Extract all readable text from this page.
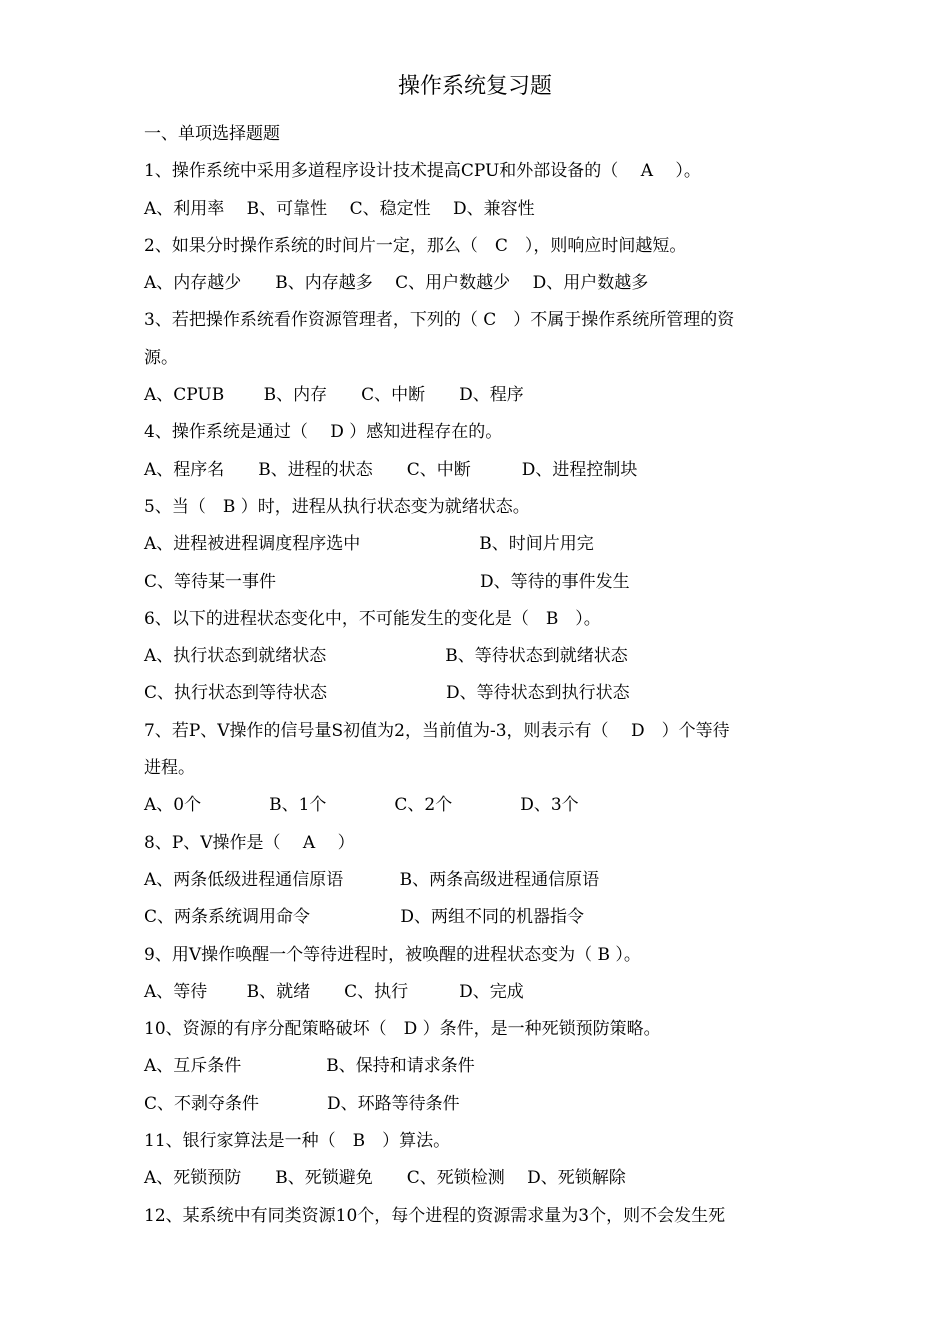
操作系统复习题
一、单项选择题题
1、操作系统中采用多道程序设计技术提高CPU和外部设备的（　 A　 ）。
A、利用率　 B、可靠性　 C、稳定性　 D、兼容性
2、如果分时操作系统的时间片一定，那么（　C　），则响应时间越短。
A、内存越少　　B、内存越多　 C、用户数越少　 D、用户数越多
3、若把操作系统看作资源管理者，下列的（ C　）不属于操作系统所管理的资
源。
A、CPUB　　 B、内存　　C、中断　　D、程序
4、操作系统是通过（　 D ）感知进程存在的。
A、程序名　　B、进程的状态　　C、中断　　　D、进程控制块
5、当（　B ）时，进程从执行状态变为就绪状态。
A、进程被进程调度程序选中　　　　　　　B、时间片用完
C、等待某一事件　　　　　　　　　　　　D、等待的事件发生
6、以下的进程状态变化中，不可能发生的变化是（　B　）。
A、执行状态到就绪状态　　　　　　　B、等待状态到就绪状态
C、执行状态到等待状态　　　　　　　D、等待状态到执行状态
7、若P、V操作的信号量S初值为2，当前值为-3，则表示有（　 D　）个等待
进程。
A、0个　　　　B、1个　　　　C、2个　　　　D、3个
8、P、V操作是（　 A　 ）
A、两条低级进程通信原语　　　 B、两条高级进程通信原语
C、两条系统调用命令　　　　　 D、两组不同的机器指令
9、用V操作唤醒一个等待进程时，被唤醒的进程状态变为（ B ）。
A、等待　　 B、就绪　　C、执行　　　D、完成
10、资源的有序分配策略破坏（　D ）条件，是一种死锁预防策略。
A、互斥条件　　　　　B、保持和请求条件
C、不剥夺条件　　　　D、环路等待条件
11、银行家算法是一种（　B　）算法。
A、死锁预防　　B、死锁避免　　C、死锁检测　 D、死锁解除
12、某系统中有同类资源10个，每个进程的资源需求量为3个，则不会发生死
